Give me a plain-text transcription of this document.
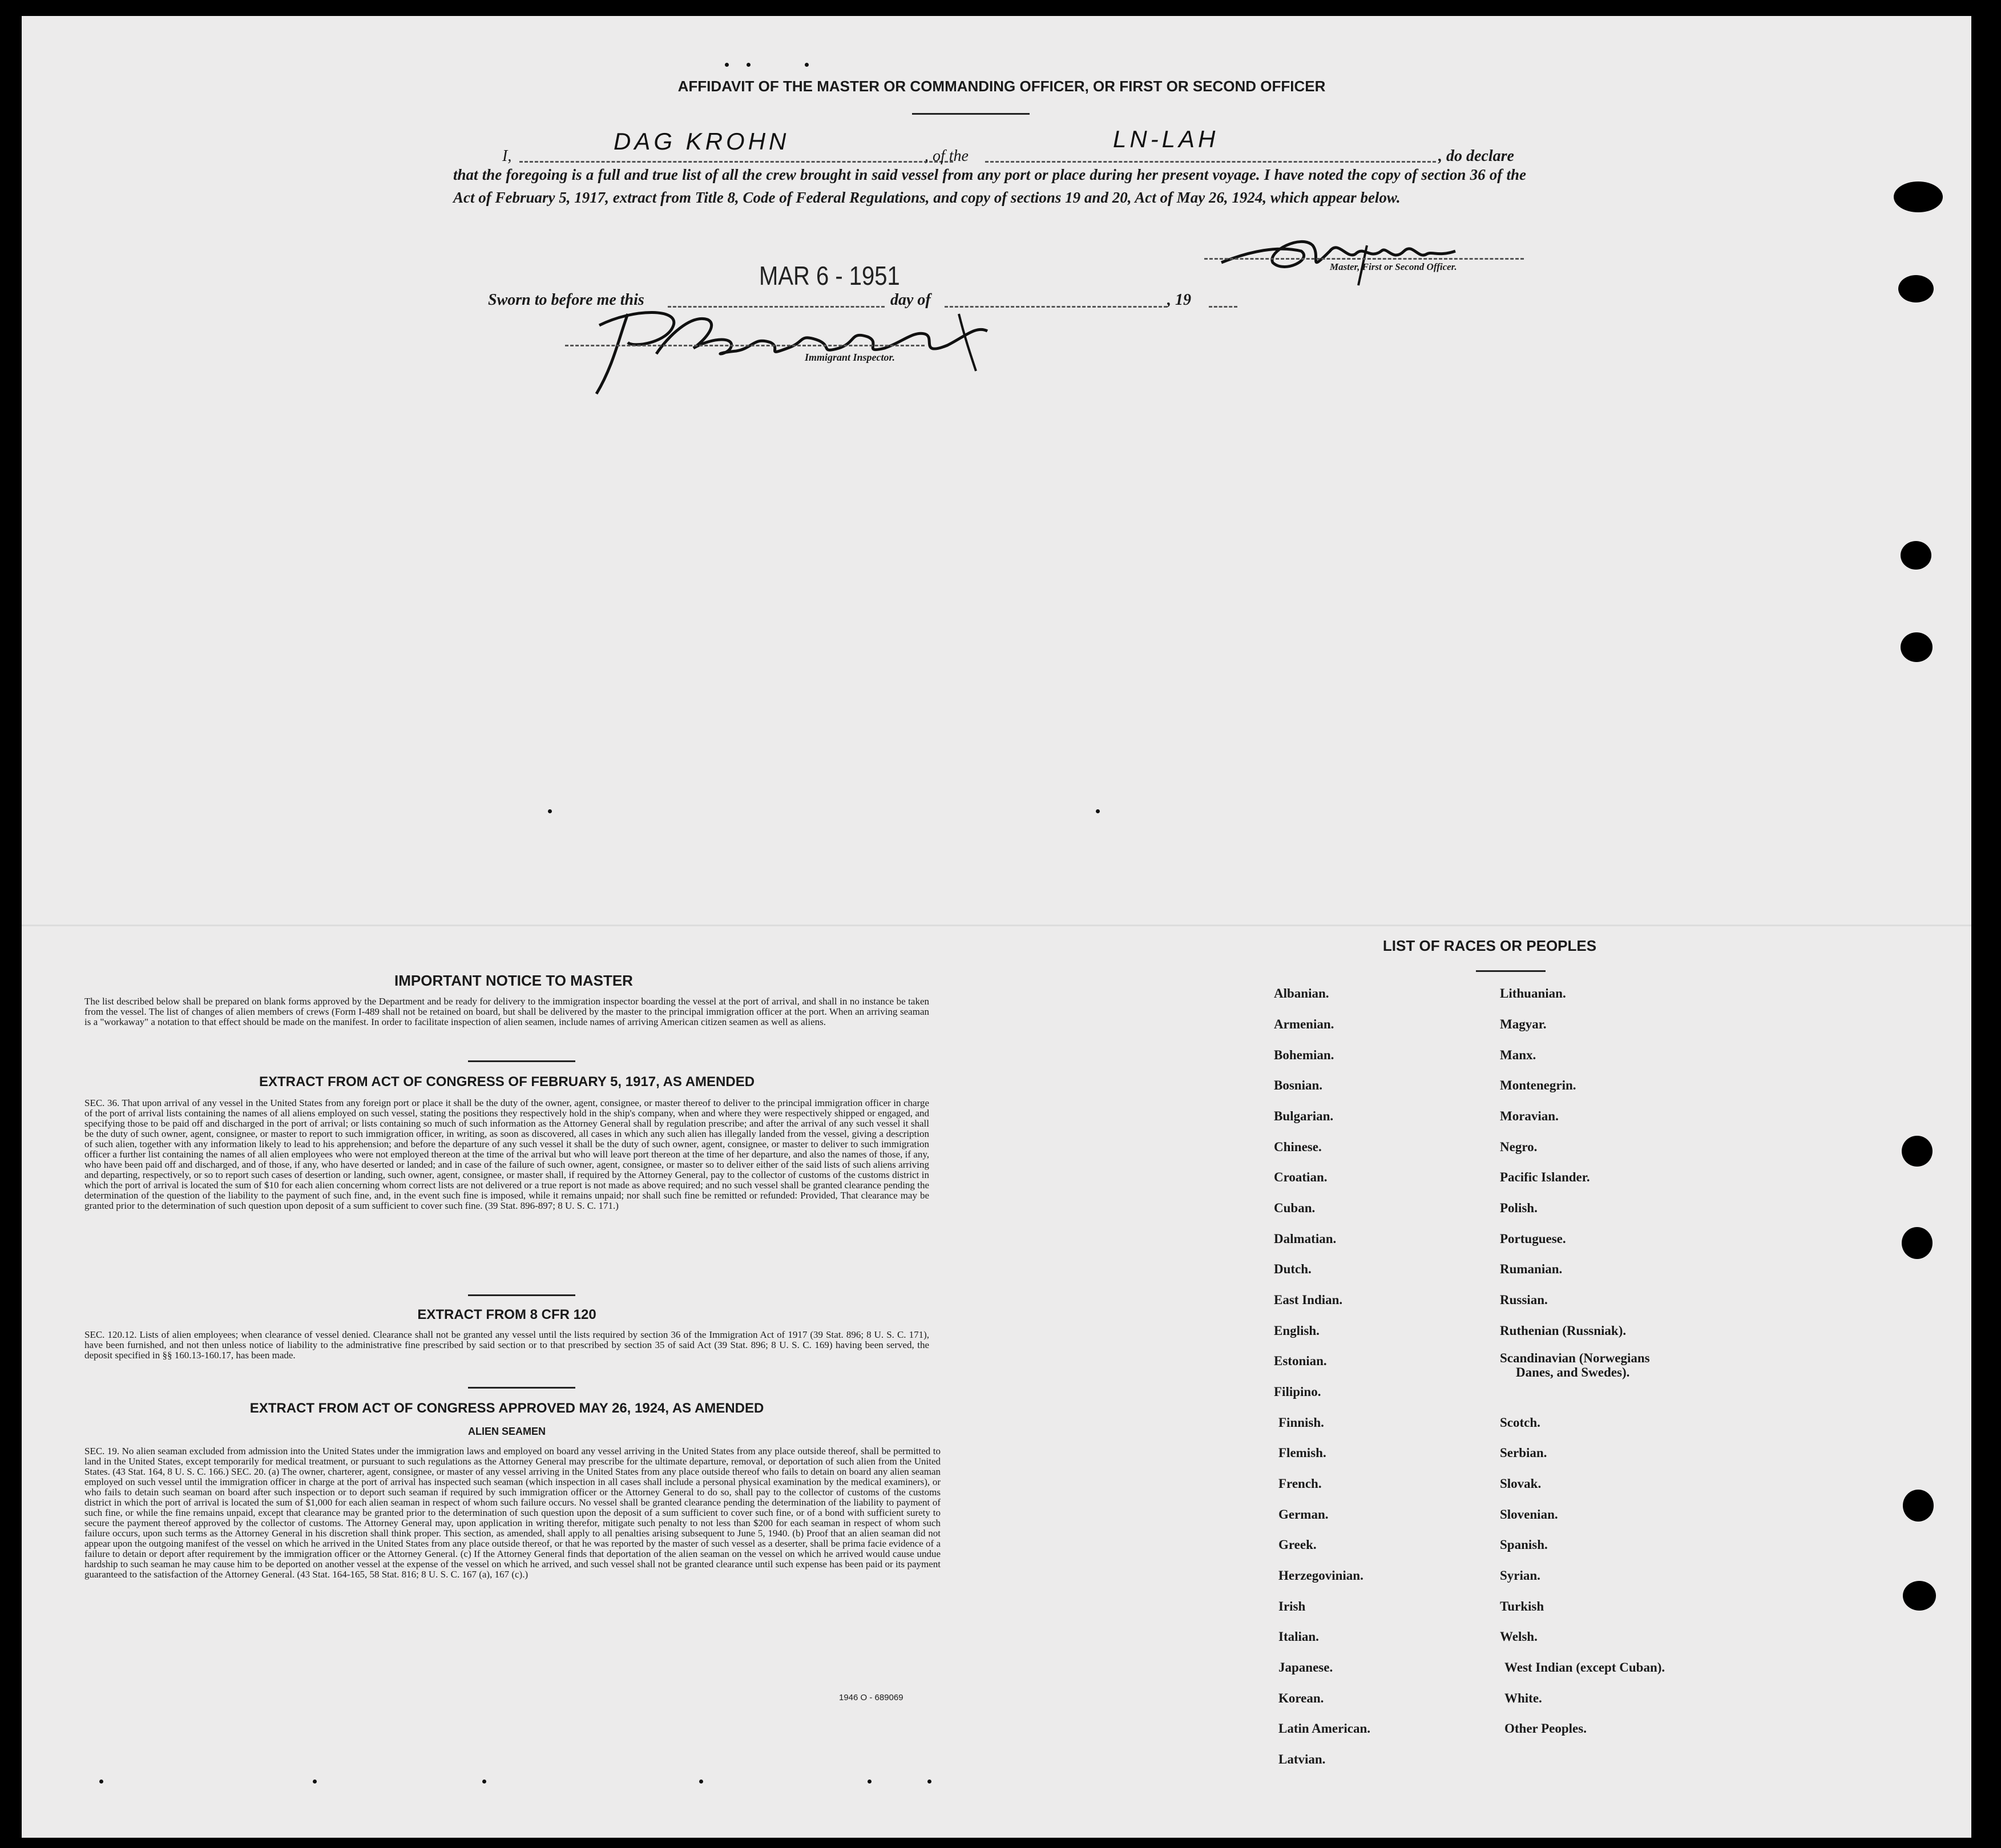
AFFIDAVIT OF THE MASTER OR COMMANDING OFFICER, OR FIRST OR SECOND OFFICER
I,
DAG KROHN
, of the
LN-LAH
, do declare
that the foregoing is a full and true list of all the crew brought in said vessel from any port or place during her present voyage. I have noted the copy of section 36 of the Act of February 5, 1917, extract from Title 8, Code of Federal Regulations, and copy of sections 19 and 20, Act of May 26, 1924, which appear below.
Master, First or Second Officer.
Sworn to before me this
MAR 6 - 1951
day of	, 19
Immigrant Inspector.
IMPORTANT NOTICE TO MASTER
The list described below shall be prepared on blank forms approved by the Department and be ready for delivery to the immigration inspector boarding the vessel at the port of arrival, and shall in no instance be taken from the vessel. The list of changes of alien members of crews (Form I-489 shall not be retained on board, but shall be delivered by the master to the principal immigration officer at the port. When an arriving seaman is a "workaway" a notation to that effect should be made on the manifest. In order to facilitate inspection of alien seamen, include names of arriving American citizen seamen as well as aliens.
EXTRACT FROM ACT OF CONGRESS OF FEBRUARY 5, 1917, AS AMENDED
SEC. 36. That upon arrival of any vessel in the United States from any foreign port or place it shall be the duty of the owner, agent, consignee, or master thereof to deliver to the principal immigration officer in charge of the port of arrival lists containing the names of all aliens employed on such vessel, stating the positions they respectively hold in the ship's company, when and where they were respectively shipped or engaged, and specifying those to be paid off and discharged in the port of arrival; or lists containing so much of such information as the Attorney General shall by regulation prescribe; and after the arrival of any such vessel it shall be the duty of such owner, agent, consignee, or master to report to such immigration officer, in writing, as soon as discovered, all cases in which any such alien has illegally landed from the vessel, giving a description of such alien, together with any information likely to lead to his apprehension; and before the departure of any such vessel it shall be the duty of such owner, agent, consignee, or master to deliver to such immigration officer a further list containing the names of all alien employees who were not employed thereon at the time of the arrival but who will leave port thereon at the time of her departure, and also the names of those, if any, who have been paid off and discharged, and of those, if any, who have deserted or landed; and in case of the failure of such owner, agent, consignee, or master so to deliver either of the said lists of such aliens arriving and departing, respectively, or so to report such cases of desertion or landing, such owner, agent, consignee, or master shall, if required by the Attorney General, pay to the collector of customs of the customs district in which the port of arrival is located the sum of $10 for each alien concerning whom correct lists are not delivered or a true report is not made as above required; and no such vessel shall be granted clearance pending the determination of the question of the liability to the payment of such fine, and, in the event such fine is imposed, while it remains unpaid; nor shall such fine be remitted or refunded: Provided, That clearance may be granted prior to the determination of such question upon deposit of a sum sufficient to cover such fine. (39 Stat. 896-897; 8 U. S. C. 171.)
EXTRACT FROM 8 CFR 120
SEC. 120.12. Lists of alien employees; when clearance of vessel denied. Clearance shall not be granted any vessel until the lists required by section 36 of the Immigration Act of 1917 (39 Stat. 896; 8 U. S. C. 171), have been furnished, and not then unless notice of liability to the administrative fine prescribed by said section or to that prescribed by section 35 of said Act (39 Stat. 896; 8 U. S. C. 169) having been served, the deposit specified in §§ 160.13-160.17, has been made.
EXTRACT FROM ACT OF CONGRESS APPROVED MAY 26, 1924, AS AMENDED
ALIEN SEAMEN
SEC. 19. No alien seaman excluded from admission into the United States under the immigration laws and employed on board any vessel arriving in the United States from any place outside thereof, shall be permitted to land in the United States, except temporarily for medical treatment, or pursuant to such regulations as the Attorney General may prescribe for the ultimate departure, removal, or deportation of such alien from the United States. (43 Stat. 164, 8 U. S. C. 166.) SEC. 20. (a) The owner, charterer, agent, consignee, or master of any vessel arriving in the United States from any place outside thereof who fails to detain on board any alien seaman employed on such vessel until the immigration officer in charge at the port of arrival has inspected such seaman (which inspection in all cases shall include a personal physical examination by the medical examiners), or who fails to detain such seaman on board after such inspection or to deport such seaman if required by such immigration officer or the Attorney General to do so, shall pay to the collector of customs of the customs district in which the port of arrival is located the sum of $1,000 for each alien seaman in respect of whom such failure occurs. No vessel shall be granted clearance pending the determination of the liability to payment of such fine, or while the fine remains unpaid, except that clearance may be granted prior to the determination of such question upon the deposit of a sum sufficient to cover such fine, or of a bond with sufficient surety to secure the payment thereof approved by the collector of customs. The Attorney General may, upon application in writing therefor, mitigate such penalty to not less than $200 for each seaman in respect of whom such failure occurs, upon such terms as the Attorney General in his discretion shall think proper. This section, as amended, shall apply to all penalties arising subsequent to June 5, 1940. (b) Proof that an alien seaman did not appear upon the outgoing manifest of the vessel on which he arrived in the United States from any place outside thereof, or that he was reported by the master of such vessel as a deserter, shall be prima facie evidence of a failure to detain or deport after requirement by the immigration officer or the Attorney General. (c) If the Attorney General finds that deportation of the alien seaman on the vessel on which he arrived would cause undue hardship to such seaman he may cause him to be deported on another vessel at the expense of the vessel on which he arrived, and such vessel shall not be granted clearance until such expense has been paid or its payment guaranteed to the satisfaction of the Attorney General. (43 Stat. 164-165, 58 Stat. 816; 8 U. S. C. 167 (a), 167 (c).)
1946 O - 689069
LIST OF RACES OR PEOPLES
Albanian.
Armenian.
Bohemian.
Bosnian.
Bulgarian.
Chinese.
Croatian.
Cuban.
Dalmatian.
Dutch.
East Indian.
English.
Estonian.
Filipino.
Finnish.
Flemish.
French.
German.
Greek.
Herzegovinian.
Irish
Italian.
Japanese.
Korean.
Latin American.
Latvian.
Lithuanian.
Magyar.
Manx.
Montenegrin.
Moravian.
Negro.
Pacific Islander.
Polish.
Portuguese.
Rumanian.
Russian.
Ruthenian (Russniak).
Scandinavian (Norwegians
Danes, and Swedes).
Scotch.
Serbian.
Slovak.
Slovenian.
Spanish.
Syrian.
Turkish
Welsh.
West Indian (except Cuban).
White.
Other Peoples.
